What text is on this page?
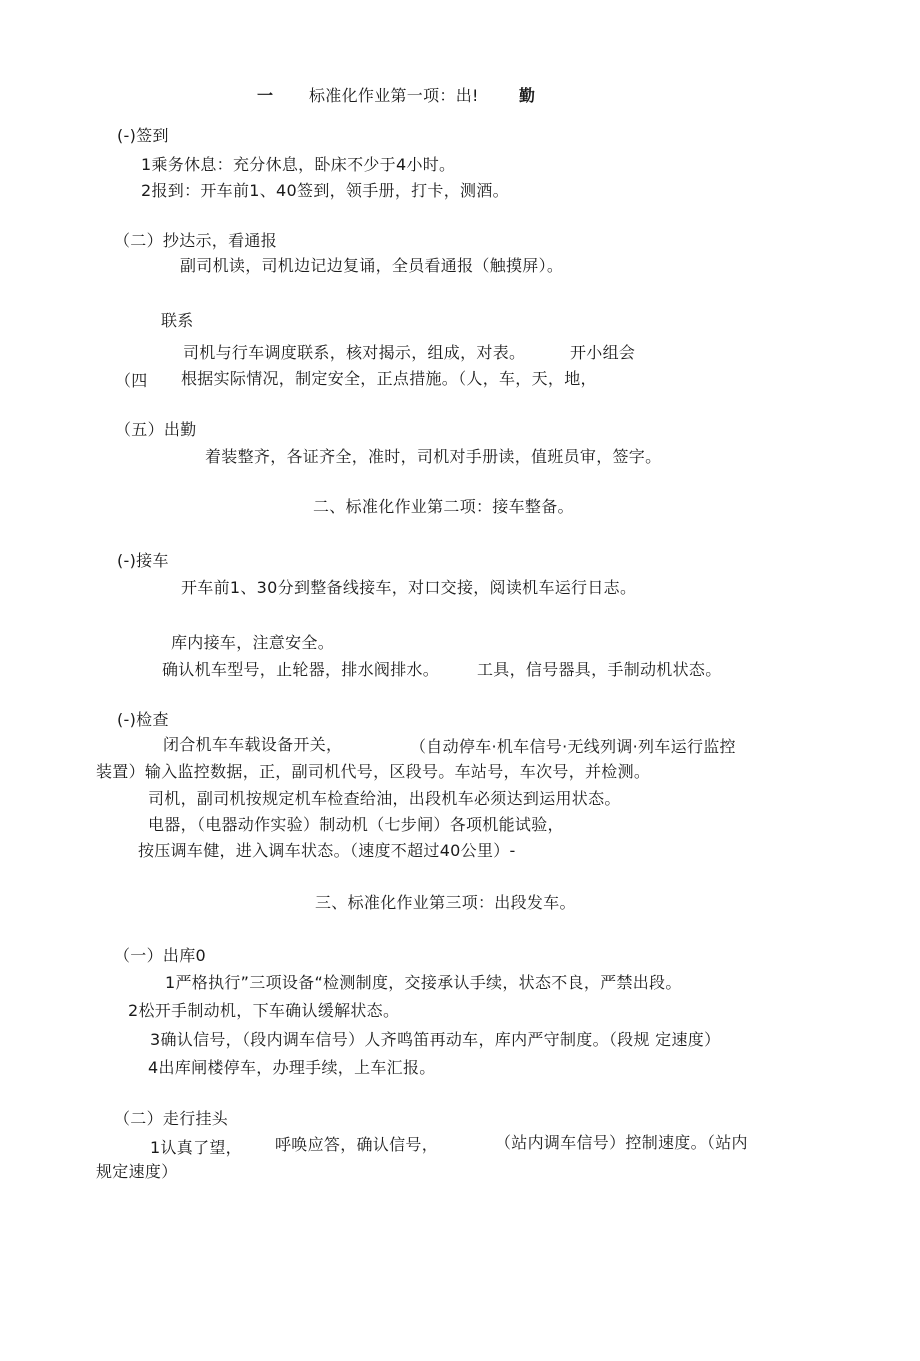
一 标准化作业第一项：出!	勤
(-)签到
1乘务休息：充分休息，卧床不少于4小时。
2报到：开车前1、40签到，领手册，打卡，测酒。
（二）抄达示，看通报
副司机读，司机边记边复诵，全员看通报（触摸屏）。
联系
司机与行车调度联系，核对揭示，组成，对表。	开小组会
（四 根据实际情况，制定安全，正点措施。（人，车，天，地，
（五）出勤
着装整齐，各证齐全，准时，司机对手册读，值班员审，签字。
二、标准化作业第二项：接车整备。
(-)接车
开车前1、30分到整备线接车，对口交接，阅读机车运行日志。
库内接车，注意安全。
确认机车型号，止轮器，排水阀排水。 工具，信号器具，手制动机状态。
(-)检查
闭合机车车载设备开关，	（自动停车·机车信号·无线列调·列车运行监控
装置）输入监控数据，正，副司机代号，区段号。车站号，车次号，并检测。
司机，副司机按规定机车检查给油，出段机车必须达到运用状态。
电器，（电器动作实验）制动机（七步闸）各项机能试验，
按压调车健，进入调车状态。（速度不超过40公里）-
三、标准化作业第三项：出段发车。
（一）出库0
1严格执行”三项设备“检测制度，交接承认手续，状态不良，严禁出段。
2松开手制动机，下车确认缓解状态。
3确认信号，（段内调车信号）人齐鸣笛再动车，库内严守制度。（段规 定速度）
4出库闸楼停车，办理手续，上车汇报。
（二）走行挂头
1认真了望， 呼唤应答，确认信号，	（站内调车信号）控制速度。（站内
规定速度）
